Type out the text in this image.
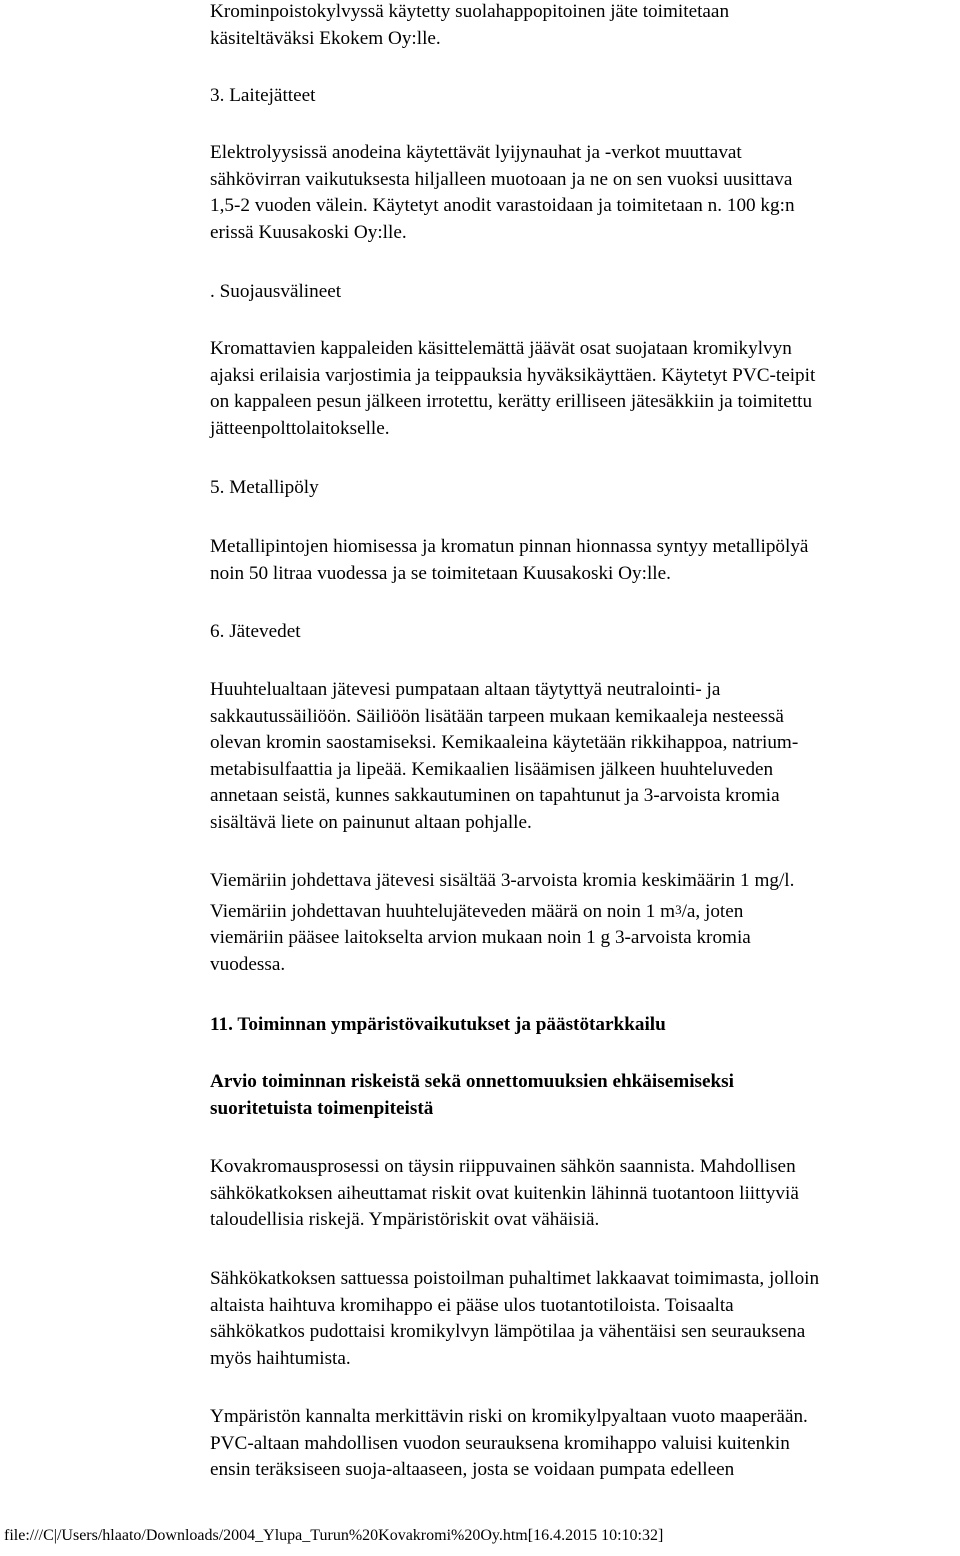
Krominpoistokylvyssä käytetty suolahappopitoinen jäte toimitetaan
käsiteltäväksi Ekokem Oy:lle.
3. Laitejätteet
Elektrolyysissä anodeina käytettävät lyijynauhat ja -verkot muuttavat
sähkövirran vaikutuksesta hiljalleen muotoaan ja ne on sen vuoksi uusittava
1,5-2 vuoden välein. Käytetyt anodit varastoidaan ja toimitetaan n. 100 kg:n
erissä Kuusakoski Oy:lle.
. Suojausvälineet
Kromattavien kappaleiden käsittelemättä jäävät osat suojataan kromikylvyn
ajaksi erilaisia varjostimia ja teippauksia hyväksikäyttäen. Käytetyt PVC-teipit
on kappaleen pesun jälkeen irrotettu, kerätty erilliseen jätesäkkiin ja toimitettu
jätteenpolttolaitokselle.
5. Metallipöly
Metallipintojen hiomisessa ja kromatun pinnan hionnassa syntyy metallipölyä
noin 50 litraa vuodessa ja se toimitetaan Kuusakoski Oy:lle.
6. Jätevedet
Huuhtelualtaan jätevesi pumpataan altaan täytyttyä neutralointi- ja
sakkautussäiliöön. Säiliöön lisätään tarpeen mukaan kemikaaleja nesteessä
olevan kromin saostamiseksi. Kemikaaleina käytetään rikkihappoa, natrium-
metabisulfaattia ja lipeää. Kemikaalien lisäämisen jälkeen huuhteluveden
annetaan seistä, kunnes sakkautuminen on tapahtunut ja 3-arvoista kromia
sisältävä liete on painunut altaan pohjalle.
Viemäriin johdettava jätevesi sisältää 3-arvoista kromia keskimäärin 1 mg/l.
Viemäriin johdettavan huuhtelujäteveden määrä on noin 1 $m^3/a$, joten
viemäriin pääsee laitokselta arvion mukaan noin 1 g 3-arvoista kromia
vuodessa.
11. Toiminnan ympäristövaikutukset ja päästötarkkailu
Arvio toiminnan riskeistä sekä onnettomuuksien ehkäisemiseksi
suoritetuista toimenpiteistä
Kovakromausprosessi on täysin riippuvainen sähkön saannista. Mahdollisen
sähkökatkoksen aiheuttamat riskit ovat kuitenkin lähinnä tuotantoon liittyviä
taloudellisia riskejä. Ympäristöriskit ovat vähäisiä.
Sähkökatkoksen sattuessa poistoilman puhaltimet lakkaavat toimimasta, jolloin
altaista haihtuva kromihappo ei pääse ulos tuotantotiloista. Toisaalta
sähkökatkos pudottaisi kromikylvyn lämpötilaa ja vähentäisi sen seurauksena
myös haihtumista.
Ympäristön kannalta merkittävin riski on kromikylpyaltaan vuoto maaperään.
PVC-altaan mahdollisen vuodon seurauksena kromihappo valuisi kuitenkin
ensin teräksiseen suoja-altaaseen, josta se voidaan pumpata edelleen
file:///C|/Users/hlaato/Downloads/2004_Ylupa_Turun%20Kovakromi%20Oy.htm[16.4.2015 10:10:32]
